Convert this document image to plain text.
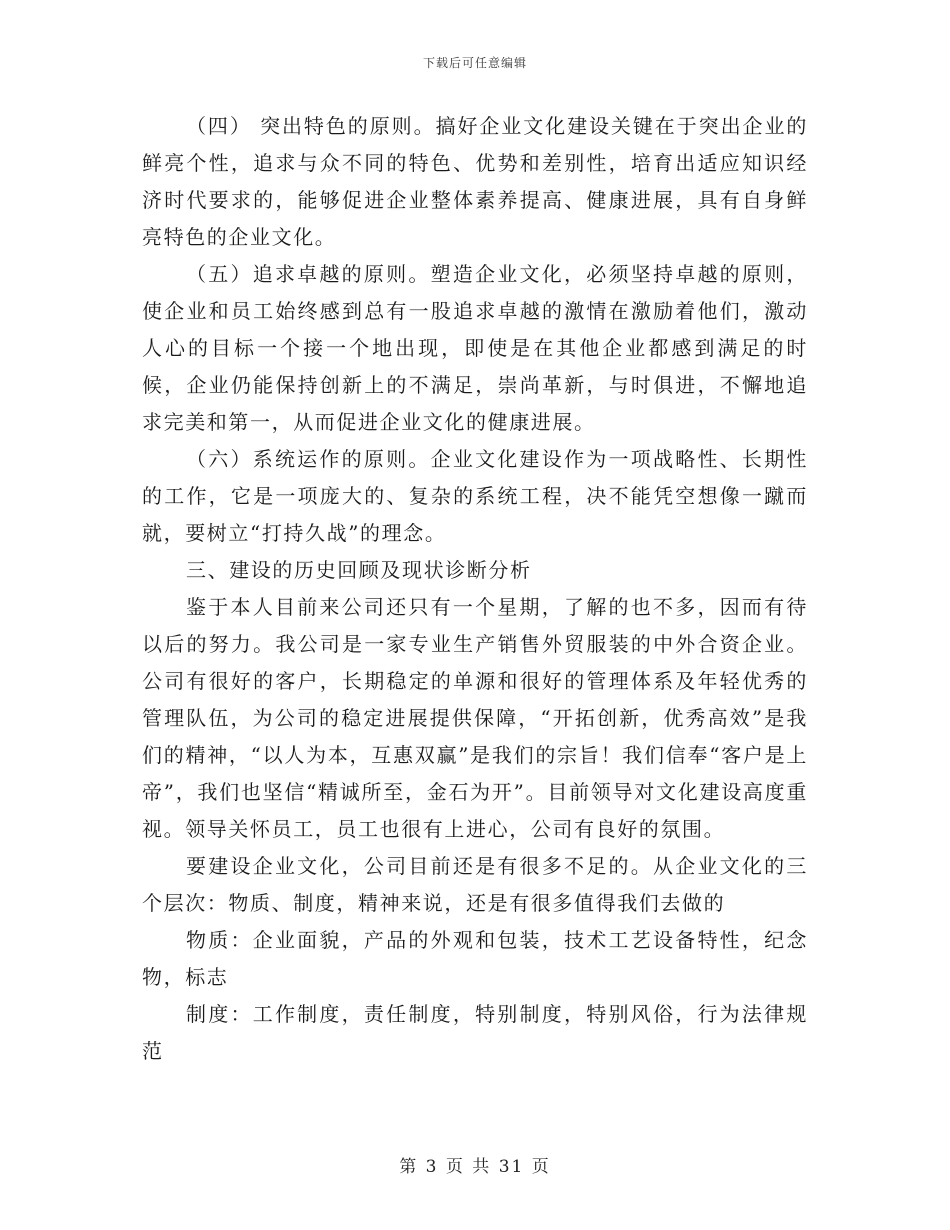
下载后可任意编辑

（四） 突出特色的原则。搞好企业文化建设关键在于突出企业的鲜亮个性，追求与众不同的特色、优势和差别性，培育出适应知识经济时代要求的，能够促进企业整体素养提高、健康进展，具有自身鲜亮特色的企业文化。

（五）追求卓越的原则。塑造企业文化，必须坚持卓越的原则，使企业和员工始终感到总有一股追求卓越的激情在激励着他们，激动人心的目标一个接一个地出现，即使是在其他企业都感到满足的时候，企业仍能保持创新上的不满足，崇尚革新，与时俱进，不懈地追求完美和第一，从而促进企业文化的健康进展。

（六）系统运作的原则。企业文化建设作为一项战略性、长期性的工作，它是一项庞大的、复杂的系统工程，决不能凭空想像一蹴而就，要树立“打持久战”的理念。

三、建设的历史回顾及现状诊断分析

鉴于本人目前来公司还只有一个星期，了解的也不多，因而有待以后的努力。我公司是一家专业生产销售外贸服装的中外合资企业。公司有很好的客户，长期稳定的单源和很好的管理体系及年轻优秀的管理队伍，为公司的稳定进展提供保障，“开拓创新，优秀高效”是我们的精神，“以人为本，互惠双赢”是我们的宗旨！我们信奉“客户是上帝”，我们也坚信“精诚所至，金石为开”。目前领导对文化建设高度重视。领导关怀员工，员工也很有上进心，公司有良好的氛围。

要建设企业文化，公司目前还是有很多不足的。从企业文化的三个层次：物质、制度，精神来说，还是有很多值得我们去做的

物质：企业面貌，产品的外观和包装，技术工艺设备特性，纪念物，标志

制度：工作制度，责任制度，特别制度，特别风俗，行为法律规范

第 3 页 共 31 页
